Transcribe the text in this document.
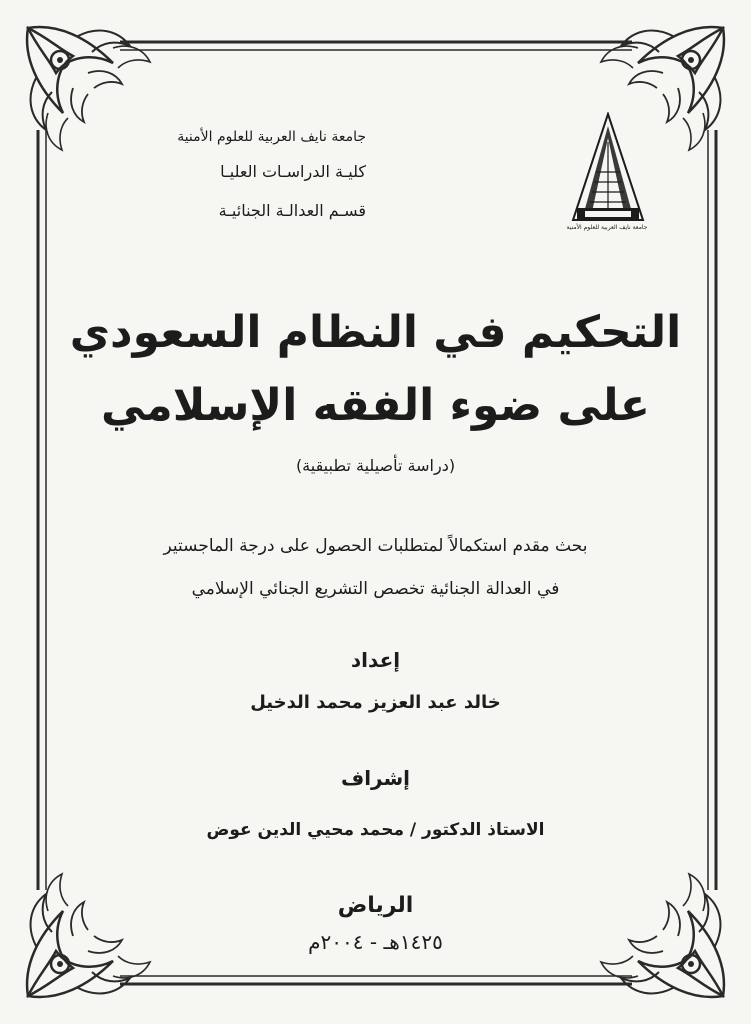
جامعة نايف العربية للعلوم الأمنية
جامعة نايف العربية للعلوم الأمنية
كليـة الدراسـات العليـا
قسـم العدالـة الجنائيـة
التحكيم في النظام السعودي
على ضوء الفقه الإسلامي
(دراسة تأصيلية تطبيقية)
بحث مقدم استكمالاً لمتطلبات الحصول على درجة الماجستير
في العدالة الجنائية تخصص التشريع الجنائي الإسلامي
إعداد
خالد عبد العزيز محمد الدخيل
إشراف
الاستاذ الدكتور / محمد محيي الدين عوض
الرياض
١٤٢٥هـ - ٢٠٠٤م
